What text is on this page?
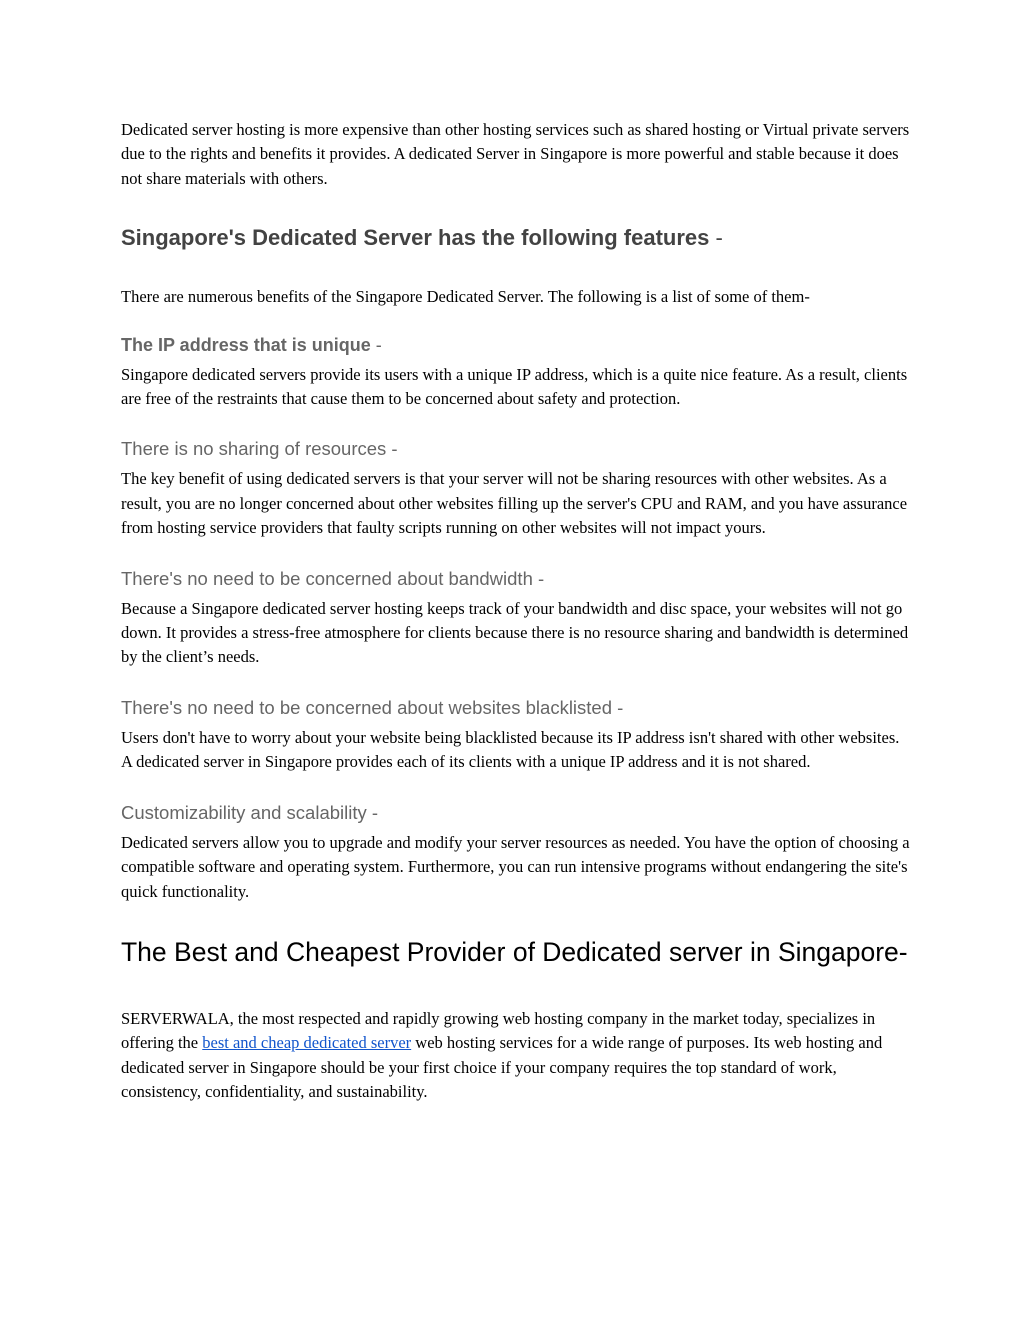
Dedicated server hosting is more expensive than other hosting services such as shared hosting or Virtual private servers due to the rights and benefits it provides. A dedicated Server in Singapore is more powerful and stable because it does not share materials with others.

Singapore's Dedicated Server has the following features -

There are numerous benefits of the Singapore Dedicated Server. The following is a list of some of them-

The IP address that is unique -

Singapore dedicated servers provide its users with a unique IP address, which is a quite nice feature. As a result, clients are free of the restraints that cause them to be concerned about safety and protection.

There is no sharing of resources -

The key benefit of using dedicated servers is that your server will not be sharing resources with other websites. As a result, you are no longer concerned about other websites filling up the server's CPU and RAM, and you have assurance from hosting service providers that faulty scripts running on other websites will not impact yours.

There's no need to be concerned about bandwidth -

Because a Singapore dedicated server hosting keeps track of your bandwidth and disc space, your websites will not go down. It provides a stress-free atmosphere for clients because there is no resource sharing and bandwidth is determined by the client’s needs.

There's no need to be concerned about websites blacklisted -

Users don't have to worry about your website being blacklisted because its IP address isn't shared with other websites. A dedicated server in Singapore provides each of its clients with a unique IP address and it is not shared.

Customizability and scalability -

Dedicated servers allow you to upgrade and modify your server resources as needed. You have the option of choosing a compatible software and operating system. Furthermore, you can run intensive programs without endangering the site's quick functionality.

The Best and Cheapest Provider of Dedicated server in Singapore-

SERVERWALA, the most respected and rapidly growing web hosting company in the market today, specializes in offering the best and cheap dedicated server web hosting services for a wide range of purposes. Its web hosting and dedicated server in Singapore should be your first choice if your company requires the top standard of work, consistency, confidentiality, and sustainability.
